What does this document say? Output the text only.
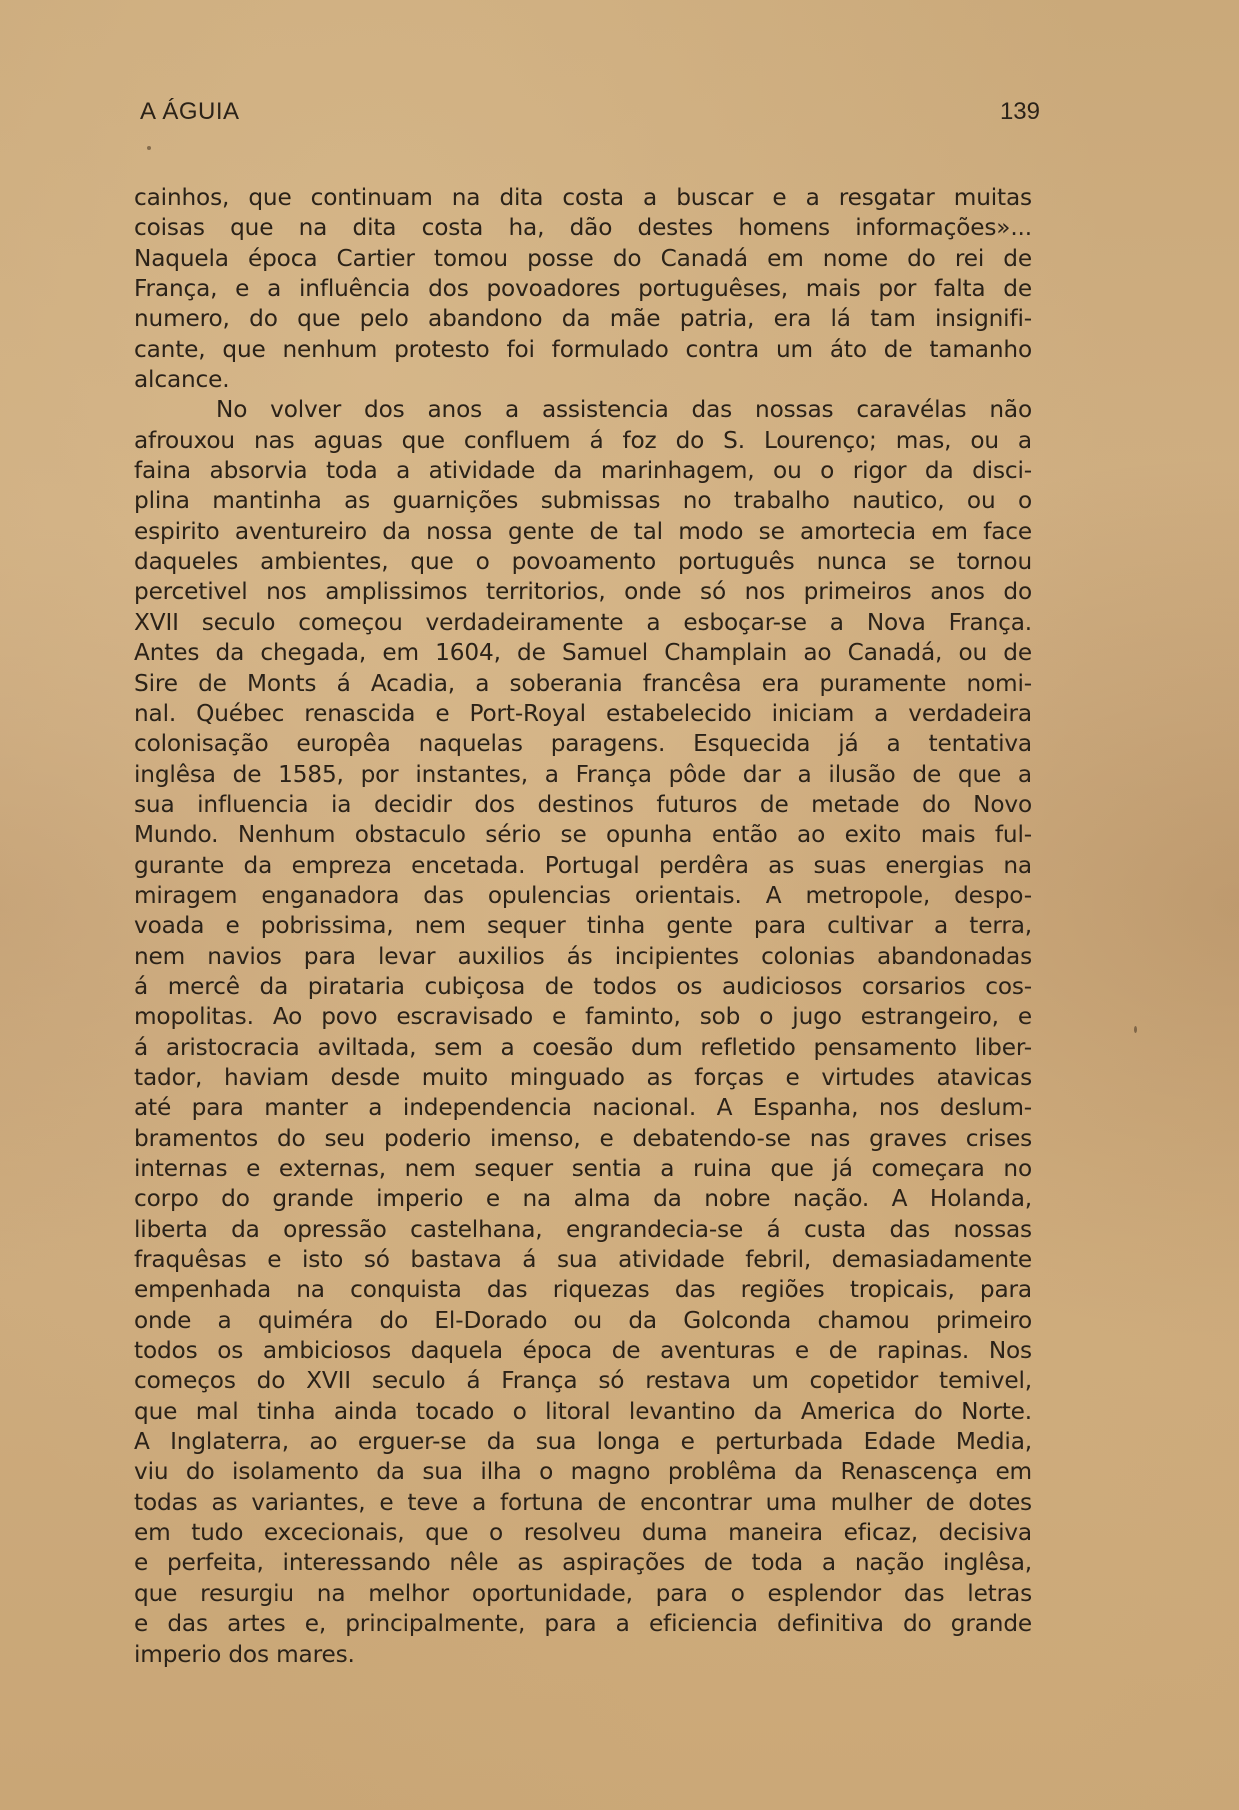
A ÁGUIA	139
cainhos, que continuam na dita costa a buscar e a resgatar muitas
coisas que na dita costa ha, dão destes homens informações»...
Naquela época Cartier tomou posse do Canadá em nome do rei de
França, e a influência dos povoadores portuguêses, mais por falta de
numero, do que pelo abandono da mãe patria, era lá tam insignifi-
cante, que nenhum protesto foi formulado contra um áto de tamanho
alcance.
No volver dos anos a assistencia das nossas caravélas não
afrouxou nas aguas que confluem á foz do S. Lourenço; mas, ou a
faina absorvia toda a atividade da marinhagem, ou o rigor da disci-
plina mantinha as guarnições submissas no trabalho nautico, ou o
espirito aventureiro da nossa gente de tal modo se amortecia em face
daqueles ambientes, que o povoamento português nunca se tornou
percetivel nos amplissimos territorios, onde só nos primeiros anos do
XVII seculo começou verdadeiramente a esboçar-se a Nova França.
Antes da chegada, em 1604, de Samuel Champlain ao Canadá, ou de
Sire de Monts á Acadia, a soberania francêsa era puramente nomi-
nal. Québec renascida e Port-Royal estabelecido iniciam a verdadeira
colonisação europêa naquelas paragens. Esquecida já a tentativa
inglêsa de 1585, por instantes, a França pôde dar a ilusão de que a
sua influencia ia decidir dos destinos futuros de metade do Novo
Mundo. Nenhum obstaculo sério se opunha então ao exito mais ful-
gurante da empreza encetada. Portugal perdêra as suas energias na
miragem enganadora das opulencias orientais. A metropole, despo-
voada e pobrissima, nem sequer tinha gente para cultivar a terra,
nem navios para levar auxilios ás incipientes colonias abandonadas
á mercê da pirataria cubiçosa de todos os audiciosos corsarios cos-
mopolitas. Ao povo escravisado e faminto, sob o jugo estrangeiro, e
á aristocracia aviltada, sem a coesão dum refletido pensamento liber-
tador, haviam desde muito minguado as forças e virtudes atavicas
até para manter a independencia nacional. A Espanha, nos deslum-
bramentos do seu poderio imenso, e debatendo-se nas graves crises
internas e externas, nem sequer sentia a ruina que já começara no
corpo do grande imperio e na alma da nobre nação. A Holanda,
liberta da opressão castelhana, engrandecia-se á custa das nossas
fraquêsas e isto só bastava á sua atividade febril, demasiadamente
empenhada na conquista das riquezas das regiões tropicais, para
onde a quiméra do El-Dorado ou da Golconda chamou primeiro
todos os ambiciosos daquela época de aventuras e de rapinas. Nos
começos do XVII seculo á França só restava um copetidor temivel,
que mal tinha ainda tocado o litoral levantino da America do Norte.
A Inglaterra, ao erguer-se da sua longa e perturbada Edade Media,
viu do isolamento da sua ilha o magno problêma da Renascença em
todas as variantes, e teve a fortuna de encontrar uma mulher de dotes
em tudo excecionais, que o resolveu duma maneira eficaz, decisiva
e perfeita, interessando nêle as aspirações de toda a nação inglêsa,
que resurgiu na melhor oportunidade, para o esplendor das letras
e das artes e, principalmente, para a eficiencia definitiva do grande
imperio dos mares.
